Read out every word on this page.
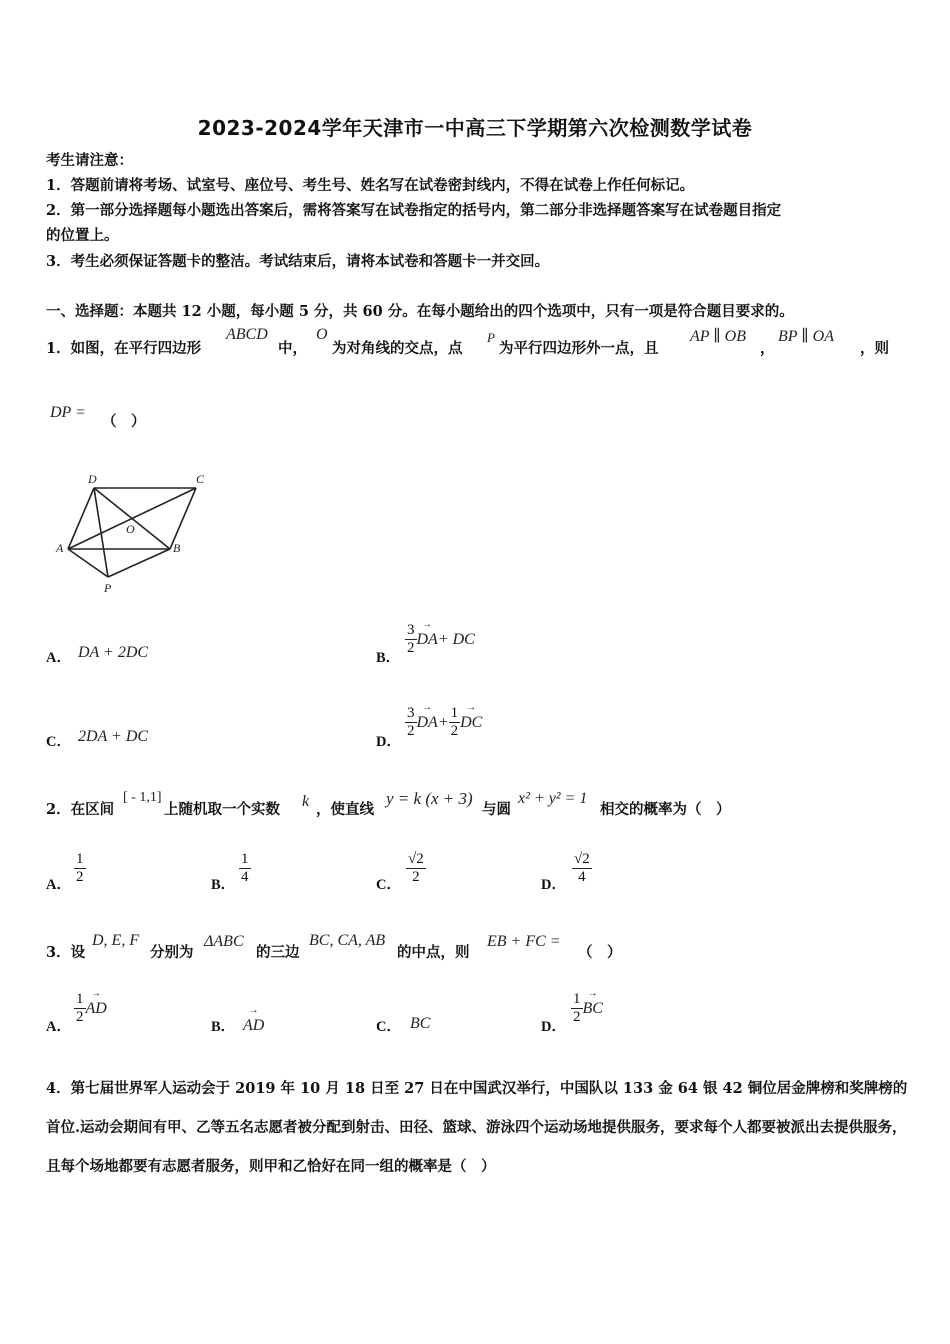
2023-2024学年天津市一中高三下学期第六次检测数学试卷
考生请注意：
1．答题前请将考场、试室号、座位号、考生号、姓名写在试卷密封线内，不得在试卷上作任何标记。
2．第一部分选择题每小题选出答案后，需将答案写在试卷指定的括号内，第二部分非选择题答案写在试卷题目指定
的位置上。
3．考生必须保证答题卡的整洁。考试结束后，请将本试卷和答题卡一并交回。
一、选择题：本题共 12 小题，每小题 5 分，共 60 分。在每小题给出的四个选项中，只有一项是符合题目要求的。
1．如图，在平行四边形
ABCD
中，
O
为对角线的交点，点
P
为平行四边形外一点，且
AP ∥ OB
，
BP ∥ OA
，则
DP =
（　）
D	C
O
A	B
P
A． DA + 2DC	B．
$\frac{3}{2}$
→ DA+ DC
C． 2DA + DC	D．
$\frac{3}{2}$
→ $DA+ \frac{1}{2}$
→ DC
2．在区间
[ - 1,1]
上随机取一个实数 k ，使直线
y = k (x + 3)
与圆
x² + y² = 1
相交的概率为（　）
A． $\frac{1}{2}$	B． $\frac{1}{4}$	C． $\frac{√2}{2}$	D． $\frac{√2}{4}$
3．设
D, E, F
分别为
ΔABC
的三边
BC, CA, AB
的中点，则
EB + FC =
（　）
A．
$\frac{1}{2}$
→ AD
B．
→ AD	C． BC	D．
$\frac{1}{2}$
→ BC
4．第七届世界军人运动会于 2019 年 10 月 18 日至 27 日在中国武汉举行，中国队以 133 金 64 银 42 铜位居金牌榜和奖牌榜的首位.运动会期间有甲、乙等五名志愿者被分配到射击、田径、篮球、游泳四个运动场地提供服务，要求每个人都要被派出去提供服务，且每个场地都要有志愿者服务，则甲和乙恰好在同一组的概率是（　）
